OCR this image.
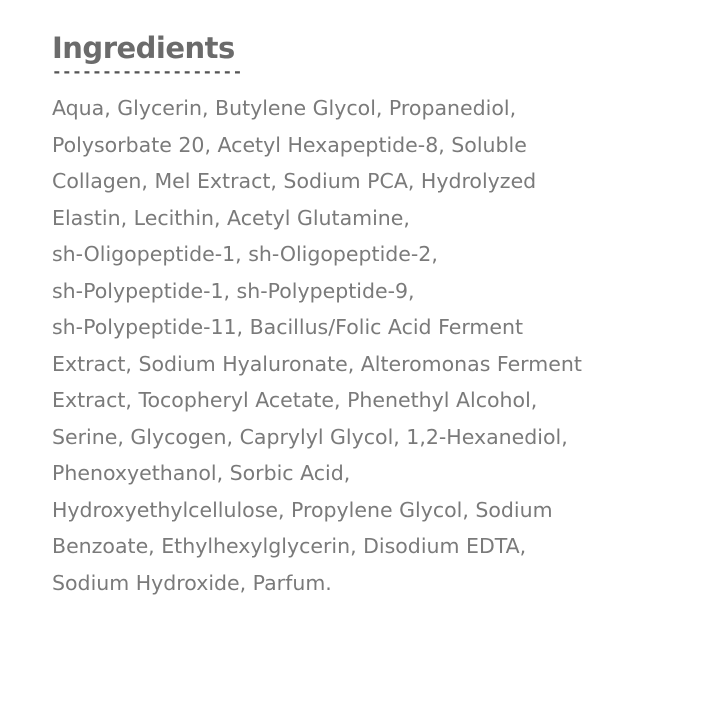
Ingredients
-------------------
Aqua, Glycerin, Butylene Glycol, Propanediol,
Polysorbate 20, Acetyl Hexapeptide-8, Soluble
Collagen, Mel Extract, Sodium PCA, Hydrolyzed
Elastin, Lecithin, Acetyl Glutamine,
sh-Oligopeptide-1, sh-Oligopeptide-2,
sh-Polypeptide-1, sh-Polypeptide-9,
sh-Polypeptide-11, Bacillus/Folic Acid Ferment
Extract, Sodium Hyaluronate, Alteromonas Ferment
Extract, Tocopheryl Acetate, Phenethyl Alcohol,
Serine, Glycogen, Caprylyl Glycol, 1,2-Hexanediol,
Phenoxyethanol, Sorbic Acid,
Hydroxyethylcellulose, Propylene Glycol, Sodium
Benzoate, Ethylhexylglycerin, Disodium EDTA,
Sodium Hydroxide, Parfum.
